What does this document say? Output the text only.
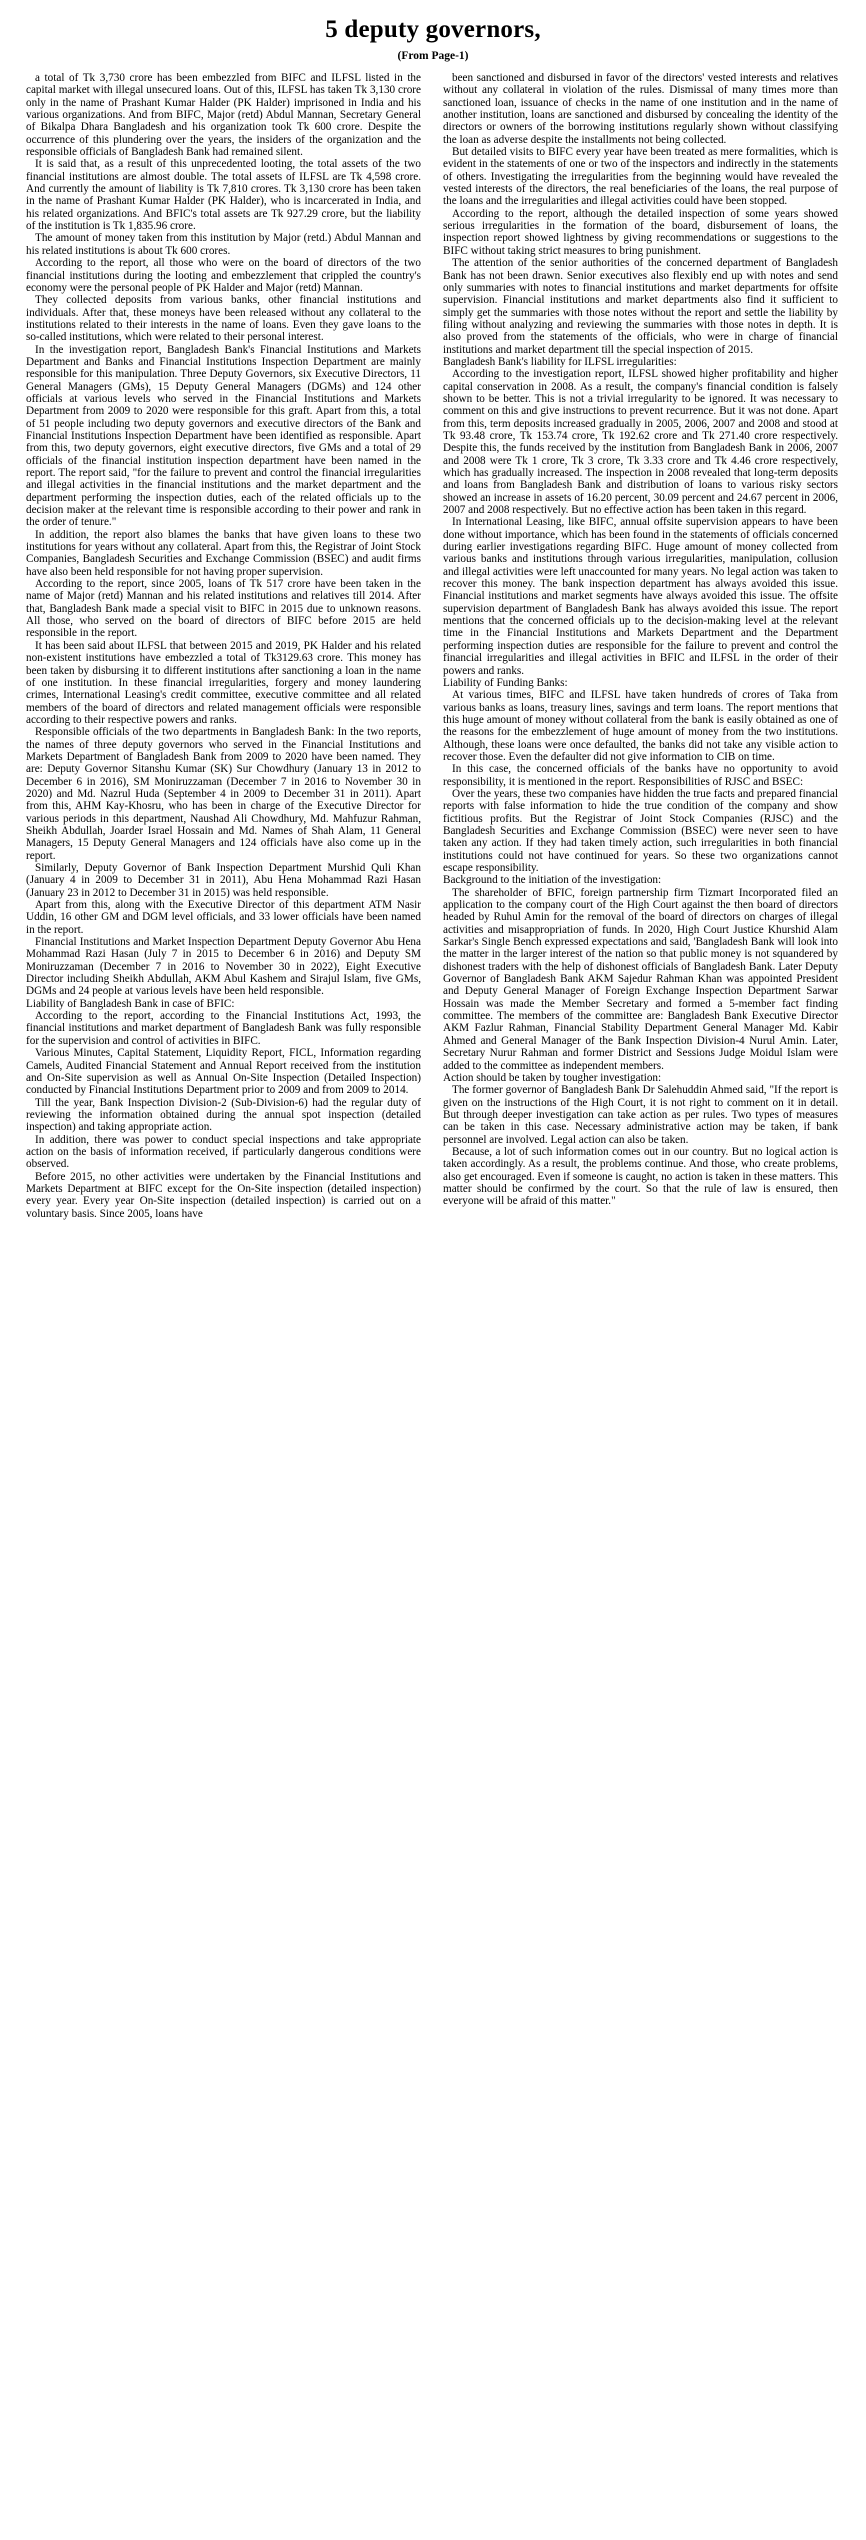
5 deputy governors,
(From Page-1)

a total of Tk 3,730 crore has been embezzled from BIFC and ILFSL listed in the capital market with illegal unsecured loans. Out of this, ILFSL has taken Tk 3,130 crore only in the name of Prashant Kumar Halder (PK Halder) imprisoned in India and his various organizations. And from BIFC, Major (retd) Abdul Mannan, Secretary General of Bikalpa Dhara Bangladesh and his organization took Tk 600 crore. Despite the occurrence of this plundering over the years, the insiders of the organization and the responsible officials of Bangladesh Bank had remained silent.

It is said that, as a result of this unprecedented looting, the total assets of the two financial institutions are almost double. The total assets of ILFSL are Tk 4,598 crore. And currently the amount of liability is Tk 7,810 crores. Tk 3,130 crore has been taken in the name of Prashant Kumar Halder (PK Halder), who is incarcerated in India, and his related organizations. And BFIC's total assets are Tk 927.29 crore, but the liability of the institution is Tk 1,835.96 crore.

The amount of money taken from this institution by Major (retd.) Abdul Mannan and his related institutions is about Tk 600 crores.

According to the report, all those who were on the board of directors of the two financial institutions during the looting and embezzlement that crippled the country's economy were the personal people of PK Halder and Major (retd) Mannan.

They collected deposits from various banks, other financial institutions and individuals. After that, these moneys have been released without any collateral to the institutions related to their interests in the name of loans. Even they gave loans to the so-called institutions, which were related to their personal interest.

In the investigation report, Bangladesh Bank's Financial Institutions and Markets Department and Banks and Financial Institutions Inspection Department are mainly responsible for this manipulation. Three Deputy Governors, six Executive Directors, 11 General Managers (GMs), 15 Deputy General Managers (DGMs) and 124 other officials at various levels who served in the Financial Institutions and Markets Department from 2009 to 2020 were responsible for this graft. Apart from this, a total of 51 people including two deputy governors and executive directors of the Bank and Financial Institutions Inspection Department have been identified as responsible. Apart from this, two deputy governors, eight executive directors, five GMs and a total of 29 officials of the financial institution inspection department have been named in the report. The report said, "for the failure to prevent and control the financial irregularities and illegal activities in the financial institutions and the market department and the department performing the inspection duties, each of the related officials up to the decision maker at the relevant time is responsible according to their power and rank in the order of tenure."

In addition, the report also blames the banks that have given loans to these two institutions for years without any collateral. Apart from this, the Registrar of Joint Stock Companies, Bangladesh Securities and Exchange Commission (BSEC) and audit firms have also been held responsible for not having proper supervision.

According to the report, since 2005, loans of Tk 517 crore have been taken in the name of Major (retd) Mannan and his related institutions and relatives till 2014. After that, Bangladesh Bank made a special visit to BIFC in 2015 due to unknown reasons. All those, who served on the board of directors of BIFC before 2015 are held responsible in the report.

It has been said about ILFSL that between 2015 and 2019, PK Halder and his related non-existent institutions have embezzled a total of Tk3129.63 crore. This money has been taken by disbursing it to different institutions after sanctioning a loan in the name of one institution. In these financial irregularities, forgery and money laundering crimes, International Leasing's credit committee, executive committee and all related members of the board of directors and related management officials were responsible according to their respective powers and ranks.

Responsible officials of the two departments in Bangladesh Bank: In the two reports, the names of three deputy governors who served in the Financial Institutions and Markets Department of Bangladesh Bank from 2009 to 2020 have been named. They are: Deputy Governor Sitanshu Kumar (SK) Sur Chowdhury (January 13 in 2012 to December 6 in 2016), SM Moniruzzaman (December 7 in 2016 to November 30 in 2020) and Md. Nazrul Huda (September 4 in 2009 to December 31 in 2011). Apart from this, AHM Kay-Khosru, who has been in charge of the Executive Director for various periods in this department, Naushad Ali Chowdhury, Md. Mahfuzur Rahman, Sheikh Abdullah, Joarder Israel Hossain and Md. Names of Shah Alam, 11 General Managers, 15 Deputy General Managers and 124 officials have also come up in the report.

Similarly, Deputy Governor of Bank Inspection Department Murshid Quli Khan (January 4 in 2009 to December 31 in 2011), Abu Hena Mohammad Razi Hasan (January 23 in 2012 to December 31 in 2015) was held responsible.

Apart from this, along with the Executive Director of this department ATM Nasir Uddin, 16 other GM and DGM level officials, and 33 lower officials have been named in the report.

Financial Institutions and Market Inspection Department Deputy Governor Abu Hena Mohammad Razi Hasan (July 7 in 2015 to December 6 in 2016) and Deputy SM Moniruzzaman (December 7 in 2016 to November 30 in 2022), Eight Executive Director including Sheikh Abdullah, AKM Abul Kashem and Sirajul Islam, five GMs, DGMs and 24 people at various levels have been held responsible.

Liability of Bangladesh Bank in case of BFIC:

According to the report, according to the Financial Institutions Act, 1993, the financial institutions and market department of Bangladesh Bank was fully responsible for the supervision and control of activities in BIFC.

Various Minutes, Capital Statement, Liquidity Report, FICL, Information regarding Camels, Audited Financial Statement and Annual Report received from the institution and On-Site supervision as well as Annual On-Site Inspection (Detailed Inspection) conducted by Financial Institutions Department prior to 2009 and from 2009 to 2014.

Till the year, Bank Inspection Division-2 (Sub-Division-6) had the regular duty of reviewing the information obtained during the annual spot inspection (detailed inspection) and taking appropriate action.

In addition, there was power to conduct special inspections and take appropriate action on the basis of information received, if particularly dangerous conditions were observed.

Before 2015, no other activities were undertaken by the Financial Institutions and Markets Department at BIFC except for the On-Site inspection (detailed inspection) every year. Every year On-Site inspection (detailed inspection) is carried out on a voluntary basis. Since 2005, loans have

been sanctioned and disbursed in favor of the directors' vested interests and relatives without any collateral in violation of the rules. Dismissal of many times more than sanctioned loan, issuance of checks in the name of one institution and in the name of another institution, loans are sanctioned and disbursed by concealing the identity of the directors or owners of the borrowing institutions regularly shown without classifying the loan as adverse despite the installments not being collected.

But detailed visits to BIFC every year have been treated as mere formalities, which is evident in the statements of one or two of the inspectors and indirectly in the statements of others. Investigating the irregularities from the beginning would have revealed the vested interests of the directors, the real beneficiaries of the loans, the real purpose of the loans and the irregularities and illegal activities could have been stopped.

According to the report, although the detailed inspection of some years showed serious irregularities in the formation of the board, disbursement of loans, the inspection report showed lightness by giving recommendations or suggestions to the BIFC without taking strict measures to bring punishment.

The attention of the senior authorities of the concerned department of Bangladesh Bank has not been drawn. Senior executives also flexibly end up with notes and send only summaries with notes to financial institutions and market departments for offsite supervision. Financial institutions and market departments also find it sufficient to simply get the summaries with those notes without the report and settle the liability by filing without analyzing and reviewing the summaries with those notes in depth. It is also proved from the statements of the officials, who were in charge of financial institutions and market department till the special inspection of 2015.

Bangladesh Bank's liability for ILFSL irregularities:

According to the investigation report, ILFSL showed higher profitability and higher capital conservation in 2008. As a result, the company's financial condition is falsely shown to be better. This is not a trivial irregularity to be ignored. It was necessary to comment on this and give instructions to prevent recurrence. But it was not done. Apart from this, term deposits increased gradually in 2005, 2006, 2007 and 2008 and stood at Tk 93.48 crore, Tk 153.74 crore, Tk 192.62 crore and Tk 271.40 crore respectively. Despite this, the funds received by the institution from Bangladesh Bank in 2006, 2007 and 2008 were Tk 1 crore, Tk 3 crore, Tk 3.33 crore and Tk 4.46 crore respectively, which has gradually increased. The inspection in 2008 revealed that long-term deposits and loans from Bangladesh Bank and distribution of loans to various risky sectors showed an increase in assets of 16.20 percent, 30.09 percent and 24.67 percent in 2006, 2007 and 2008 respectively. But no effective action has been taken in this regard.

In International Leasing, like BIFC, annual offsite supervision appears to have been done without importance, which has been found in the statements of officials concerned during earlier investigations regarding BIFC. Huge amount of money collected from various banks and institutions through various irregularities, manipulation, collusion and illegal activities were left unaccounted for many years. No legal action was taken to recover this money. The bank inspection department has always avoided this issue. Financial institutions and market segments have always avoided this issue. The offsite supervision department of Bangladesh Bank has always avoided this issue. The report mentions that the concerned officials up to the decision-making level at the relevant time in the Financial Institutions and Markets Department and the Department performing inspection duties are responsible for the failure to prevent and control the financial irregularities and illegal activities in BFIC and ILFSL in the order of their powers and ranks.

Liability of Funding Banks:

At various times, BIFC and ILFSL have taken hundreds of crores of Taka from various banks as loans, treasury lines, savings and term loans. The report mentions that this huge amount of money without collateral from the bank is easily obtained as one of the reasons for the embezzlement of huge amount of money from the two institutions. Although, these loans were once defaulted, the banks did not take any visible action to recover those. Even the defaulter did not give information to CIB on time.

In this case, the concerned officials of the banks have no opportunity to avoid responsibility, it is mentioned in the report. Responsibilities of RJSC and BSEC:

Over the years, these two companies have hidden the true facts and prepared financial reports with false information to hide the true condition of the company and show fictitious profits. But the Registrar of Joint Stock Companies (RJSC) and the Bangladesh Securities and Exchange Commission (BSEC) were never seen to have taken any action. If they had taken timely action, such irregularities in both financial institutions could not have continued for years. So these two organizations cannot escape responsibility.

Background to the initiation of the investigation:

The shareholder of BFIC, foreign partnership firm Tizmart Incorporated filed an application to the company court of the High Court against the then board of directors headed by Ruhul Amin for the removal of the board of directors on charges of illegal activities and misappropriation of funds. In 2020, High Court Justice Khurshid Alam Sarkar's Single Bench expressed expectations and said, 'Bangladesh Bank will look into the matter in the larger interest of the nation so that public money is not squandered by dishonest traders with the help of dishonest officials of Bangladesh Bank. Later Deputy Governor of Bangladesh Bank AKM Sajedur Rahman Khan was appointed President and Deputy General Manager of Foreign Exchange Inspection Department Sarwar Hossain was made the Member Secretary and formed a 5-member fact finding committee. The members of the committee are: Bangladesh Bank Executive Director AKM Fazlur Rahman, Financial Stability Department General Manager Md. Kabir Ahmed and General Manager of the Bank Inspection Division-4 Nurul Amin. Later, Secretary Nurur Rahman and former District and Sessions Judge Moidul Islam were added to the committee as independent members.

Action should be taken by tougher investigation:

The former governor of Bangladesh Bank Dr Salehuddin Ahmed said, "If the report is given on the instructions of the High Court, it is not right to comment on it in detail. But through deeper investigation can take action as per rules. Two types of measures can be taken in this case. Necessary administrative action may be taken, if bank personnel are involved. Legal action can also be taken.

Because, a lot of such information comes out in our country. But no logical action is taken accordingly. As a result, the problems continue. And those, who create problems, also get encouraged. Even if someone is caught, no action is taken in these matters. This matter should be confirmed by the court. So that the rule of law is ensured, then everyone will be afraid of this matter."
